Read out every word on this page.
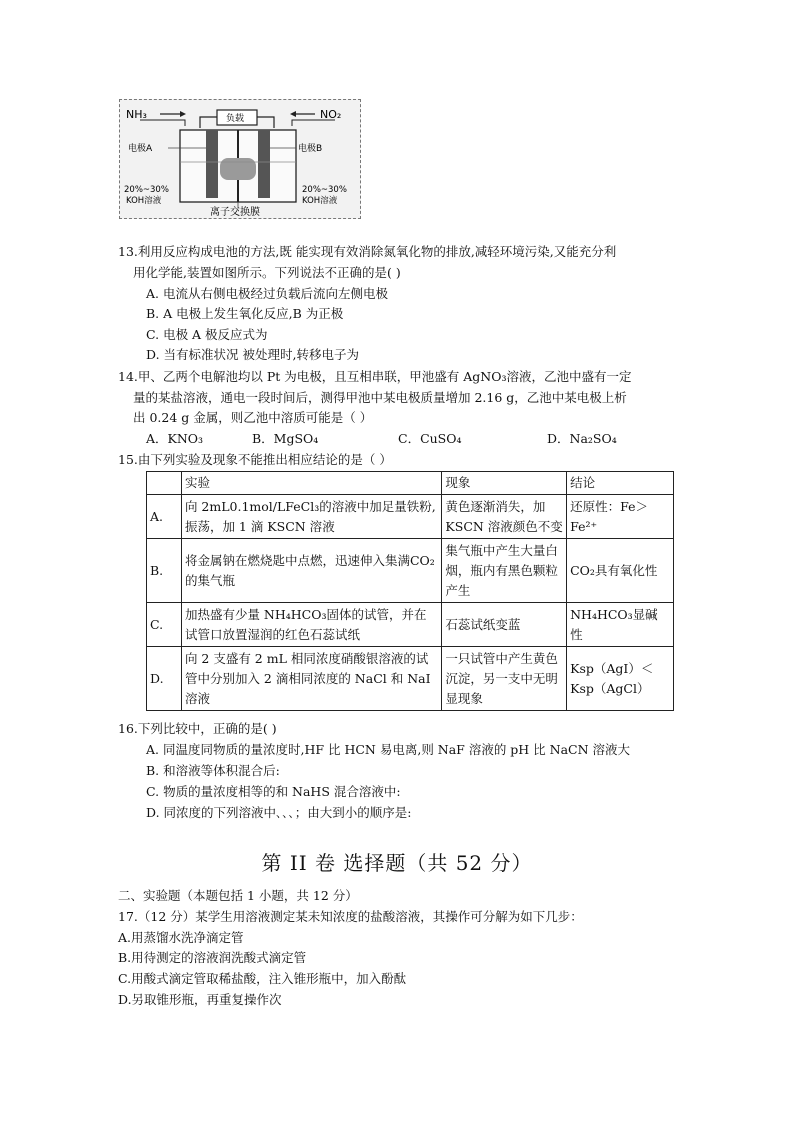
NH₃	NO₂
负载
电极A	电极B
20%~30%
KOH溶液
20%~30%
KOH溶液
离子交换膜
13.利用反应构成电池的方法,既 能实现有效消除氮氧化物的排放,减轻环境污染,又能充分利
用化学能,装置如图所示。下列说法不正确的是( )
A. 电流从右侧电极经过负载后流向左侧电极
B. A 电极上发生氧化反应,B 为正极
C. 电极 A 极反应式为
D. 当有标准状况 被处理时,转移电子为
14.甲、乙两个电解池均以 Pt 为电极，且互相串联，甲池盛有 AgNO₃溶液，乙池中盛有一定
量的某盐溶液，通电一段时间后，测得甲池中某电极质量增加 2.16 g，乙池中某电极上析
出 0.24 g 金属，则乙池中溶质可能是（ ）
A．KNO₃	B．MgSO₄	C．CuSO₄	D．Na₂SO₄
15.由下列实验及现象不能推出相应结论的是（ ）
	实验	现象	结论
A.	向 2mL0.1mol/LFeCl₃的溶液中加足量铁粉,振荡，加 1 滴 KSCN 溶液	黄色逐渐消失，加KSCN 溶液颜色不变	还原性：Fe＞Fe²⁺
B.	将金属钠在燃烧匙中点燃，迅速伸入集满CO₂的集气瓶	集气瓶中产生大量白烟，瓶内有黑色颗粒产生	CO₂具有氧化性
C.	加热盛有少量 NH₄HCO₃固体的试管，并在试管口放置湿润的红色石蕊试纸	石蕊试纸变蓝	NH₄HCO₃显碱性
D.	向 2 支盛有 2 mL 相同浓度硝酸银溶液的试管中分别加入 2 滴相同浓度的 NaCl 和 NaI溶液	一只试管中产生黄色沉淀，另一支中无明显现象	Ksp（AgI）＜Ksp（AgCl）
16.下列比较中，正确的是( )
A. 同温度同物质的量浓度时,HF 比 HCN 易电离,则 NaF 溶液的 pH 比 NaCN 溶液大
B. 和溶液等体积混合后:
C. 物质的量浓度相等的和 NaHS 混合溶液中:
D. 同浓度的下列溶液中､､､；由大到小的顺序是:
第 II 卷 选择题（共 52 分）
二、实验题（本题包括 1 小题，共 12 分）
17.（12 分）某学生用溶液测定某未知浓度的盐酸溶液，其操作可分解为如下几步：
A.用蒸馏水洗净滴定管
B.用待测定的溶液润洗酸式滴定管
C.用酸式滴定管取稀盐酸，注入锥形瓶中，加入酚酞
D.另取锥形瓶，再重复操作次
